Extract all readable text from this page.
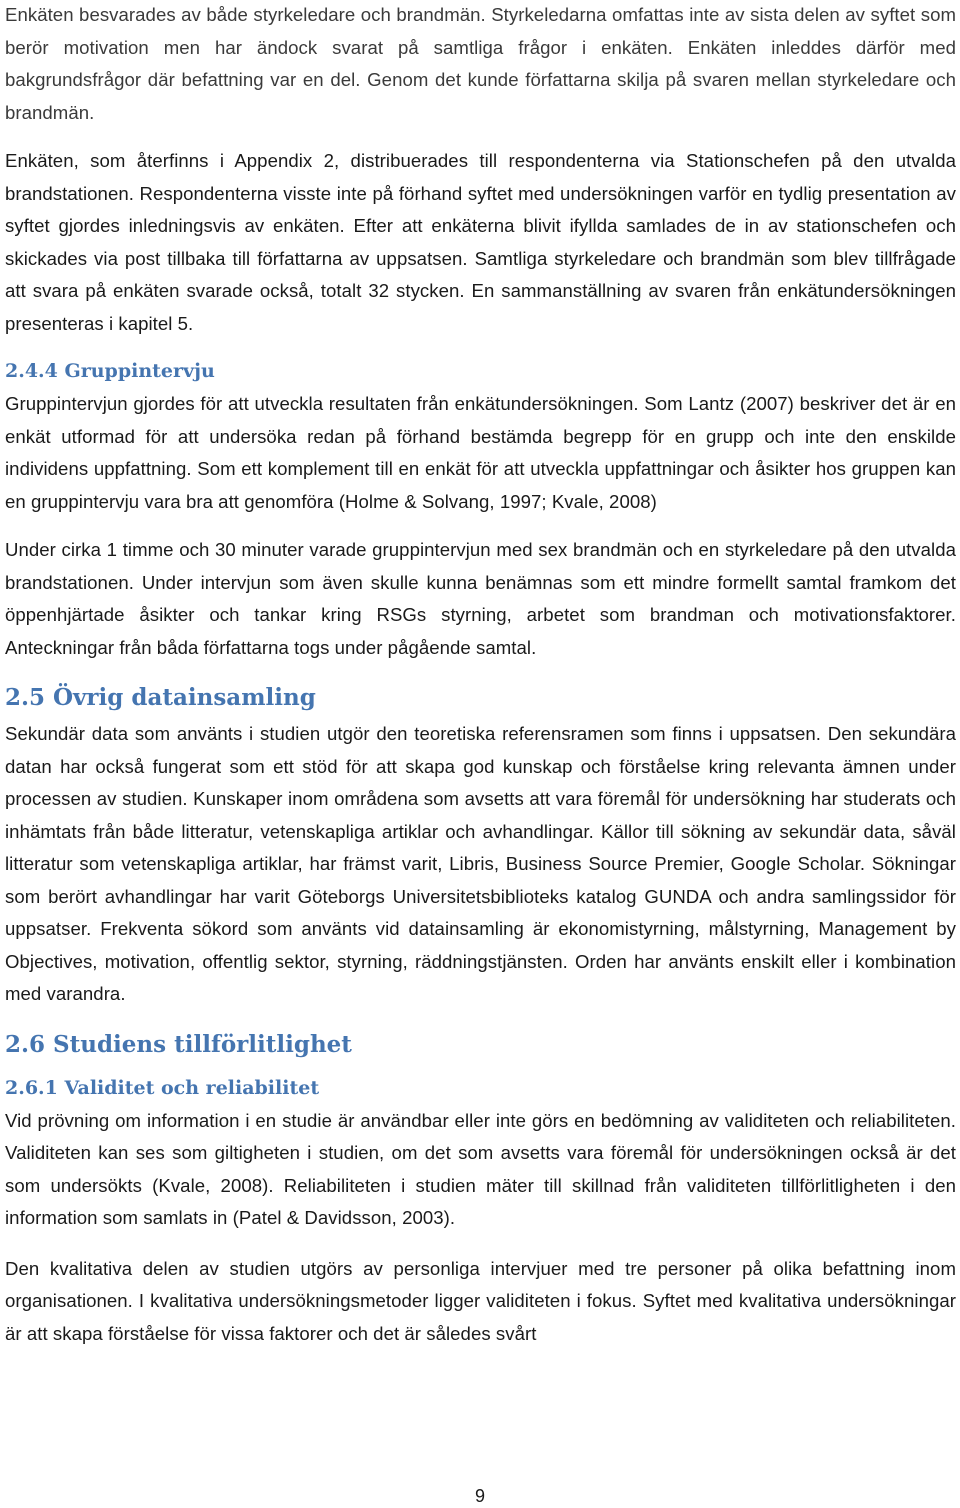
Enkäten besvarades av både styrkeledare och brandmän. Styrkeledarna omfattas inte av sista delen av syftet som berör motivation men har ändock svarat på samtliga frågor i enkäten. Enkäten inleddes därför med bakgrundsfrågor där befattning var en del. Genom det kunde författarna skilja på svaren mellan styrkeledare och brandmän.

Enkäten, som återfinns i Appendix 2, distribuerades till respondenterna via Stationschefen på den utvalda brandstationen. Respondenterna visste inte på förhand syftet med undersökningen varför en tydlig presentation av syftet gjordes inledningsvis av enkäten. Efter att enkäterna blivit ifyllda samlades de in av stationschefen och skickades via post tillbaka till författarna av uppsatsen. Samtliga styrkeledare och brandmän som blev tillfrågade att svara på enkäten svarade också, totalt 32 stycken. En sammanställning av svaren från enkätundersökningen presenteras i kapitel 5.

2.4.4 Gruppintervju

Gruppintervjun gjordes för att utveckla resultaten från enkätundersökningen. Som Lantz (2007) beskriver det är en enkät utformad för att undersöka redan på förhand bestämda begrepp för en grupp och inte den enskilde individens uppfattning. Som ett komplement till en enkät för att utveckla uppfattningar och åsikter hos gruppen kan en gruppintervju vara bra att genomföra (Holme & Solvang, 1997; Kvale, 2008)

Under cirka 1 timme och 30 minuter varade gruppintervjun med sex brandmän och en styrkeledare på den utvalda brandstationen. Under intervjun som även skulle kunna benämnas som ett mindre formellt samtal framkom det öppenhjärtade åsikter och tankar kring RSGs styrning, arbetet som brandman och motivationsfaktorer. Anteckningar från båda författarna togs under pågående samtal.

2.5 Övrig datainsamling

Sekundär data som använts i studien utgör den teoretiska referensramen som finns i uppsatsen. Den sekundära datan har också fungerat som ett stöd för att skapa god kunskap och förståelse kring relevanta ämnen under processen av studien. Kunskaper inom områdena som avsetts att vara föremål för undersökning har studerats och inhämtats från både litteratur, vetenskapliga artiklar och avhandlingar. Källor till sökning av sekundär data, såväl litteratur som vetenskapliga artiklar, har främst varit, Libris, Business Source Premier, Google Scholar. Sökningar som berört avhandlingar har varit Göteborgs Universitetsbiblioteks katalog GUNDA och andra samlingssidor för uppsatser. Frekventa sökord som använts vid datainsamling är ekonomistyrning, målstyrning, Management by Objectives, motivation, offentlig sektor, styrning, räddningstjänsten. Orden har använts enskilt eller i kombination med varandra.

2.6 Studiens tillförlitlighet
2.6.1 Validitet och reliabilitet

Vid prövning om information i en studie är användbar eller inte görs en bedömning av validiteten och reliabiliteten. Validiteten kan ses som giltigheten i studien, om det som avsetts vara föremål för undersökningen också är det som undersökts (Kvale, 2008). Reliabiliteten i studien mäter till skillnad från validiteten tillförlitligheten i den information som samlats in (Patel & Davidsson, 2003).

Den kvalitativa delen av studien utgörs av personliga intervjuer med tre personer på olika befattning inom organisationen. I kvalitativa undersökningsmetoder ligger validiteten i fokus. Syftet med kvalitativa undersökningar är att skapa förståelse för vissa faktorer och det är således svårt

9
